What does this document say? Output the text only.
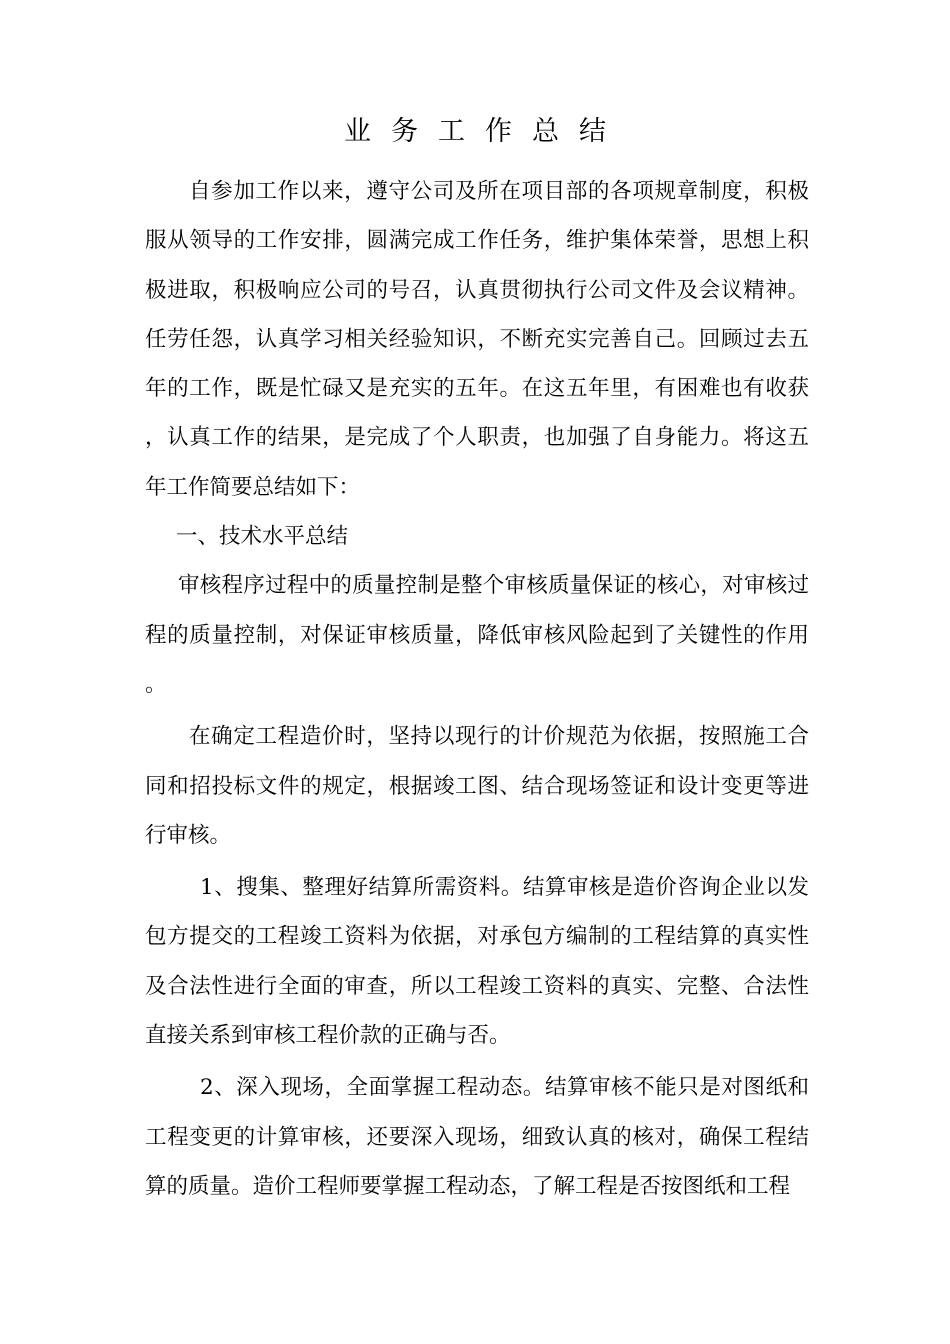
业务工作总结

自参加工作以来，遵守公司及所在项目部的各项规章制度，积极服从领导的工作安排，圆满完成工作任务，维护集体荣誉，思想上积极进取，积极响应公司的号召，认真贯彻执行公司文件及会议精神。任劳任怨，认真学习相关经验知识，不断充实完善自己。回顾过去五年的工作，既是忙碌又是充实的五年。在这五年里，有困难也有收获，认真工作的结果，是完成了个人职责，也加强了自身能力。将这五年工作简要总结如下：

一、技术水平总结

审核程序过程中的质量控制是整个审核质量保证的核心，对审核过程的质量控制，对保证审核质量，降低审核风险起到了关键性的作用。

在确定工程造价时，坚持以现行的计价规范为依据，按照施工合同和招投标文件的规定，根据竣工图、结合现场签证和设计变更等进行审核。

1、搜集、整理好结算所需资料。结算审核是造价咨询企业以发包方提交的工程竣工资料为依据，对承包方编制的工程结算的真实性及合法性进行全面的审查，所以工程竣工资料的真实、完整、合法性直接关系到审核工程价款的正确与否。

2、深入现场，全面掌握工程动态。结算审核不能只是对图纸和工程变更的计算审核，还要深入现场，细致认真的核对，确保工程结算的质量。造价工程师要掌握工程动态，了解工程是否按图纸和工程
